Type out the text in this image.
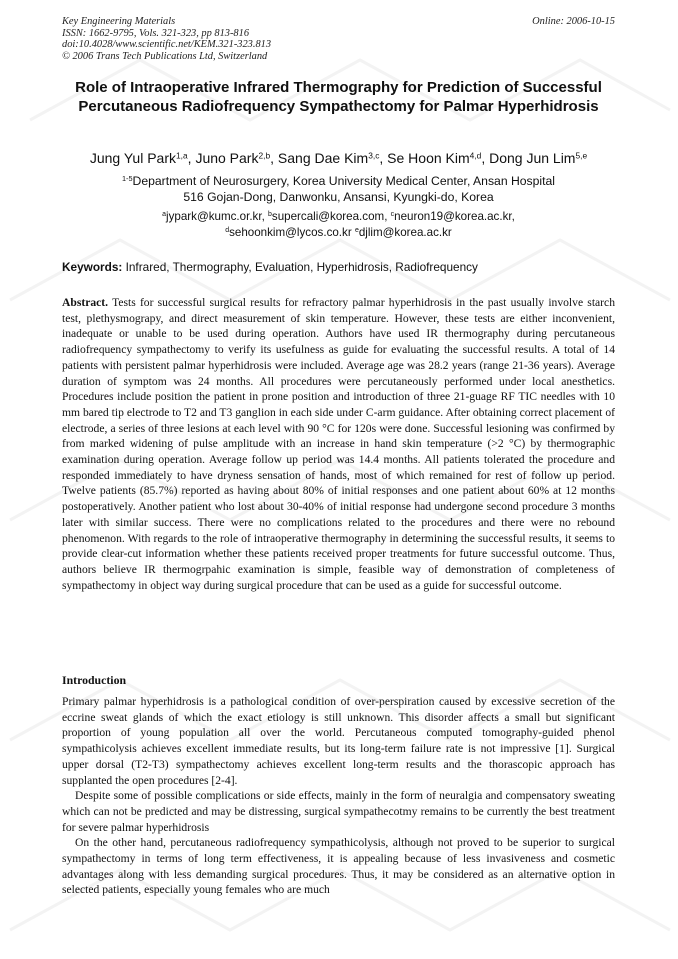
Key Engineering Materials
ISSN: 1662-9795, Vols. 321-323, pp 813-816
doi:10.4028/www.scientific.net/KEM.321-323.813
© 2006 Trans Tech Publications Ltd, Switzerland
Online: 2006-10-15
Role of Intraoperative Infrared Thermography for Prediction of Successful Percutaneous Radiofrequency Sympathectomy for Palmar Hyperhidrosis
Jung Yul Park$^{1,a}$, Juno Park$^{2,b}$, Sang Dae Kim$^{3,c}$, Se Hoon Kim$^{4,d}$, Dong Jun Lim$^{5,e}$
$^{1-5}$Department of Neurosurgery, Korea University Medical Center, Ansan Hospital
516 Gojan-Dong, Danwonku, Ansansi, Kyungki-do, Korea
$^a$jypark@kumc.or.kr, $^b$supercali@korea.com, $^c$neuron19@korea.ac.kr,
$^d$sehoonkim@lycos.co.kr $^e$djlim@korea.ac.kr
Keywords: Infrared, Thermography, Evaluation, Hyperhidrosis, Radiofrequency
Abstract. Tests for successful surgical results for refractory palmar hyperhidrosis in the past usually involve starch test, plethysmograpy, and direct measurement of skin temperature. However, these tests are either inconvenient, inadequate or unable to be used during operation. Authors have used IR thermography during percutaneous radiofrequency sympathectomy to verify its usefulness as guide for evaluating the successful results. A total of 14 patients with persistent palmar hyperhidrosis were included. Average age was 28.2 years (range 21-36 years). Average duration of symptom was 24 months. All procedures were percutaneously performed under local anesthetics. Procedures include position the patient in prone position and introduction of three 21-guage RF TIC needles with 10 mm bared tip electrode to T2 and T3 ganglion in each side under C-arm guidance. After obtaining correct placement of electrode, a series of three lesions at each level with 90 °C for 120s were done. Successful lesioning was confirmed by from marked widening of pulse amplitude with an increase in hand skin temperature (>2 °C) by thermographic examination during operation. Average follow up period was 14.4 months. All patients tolerated the procedure and responded immediately to have dryness sensation of hands, most of which remained for rest of follow up period. Twelve patients (85.7%) reported as having about 80% of initial responses and one patient about 60% at 12 months postoperatively. Another patient who lost about 30-40% of initial response had undergone second procedure 3 months later with similar success. There were no complications related to the procedures and there were no rebound phenomenon. With regards to the role of intraoperative thermography in determining the successful results, it seems to provide clear-cut information whether these patients received proper treatments for future successful outcome. Thus, authors believe IR thermogrpahic examination is simple, feasible way of demonstration of completeness of sympathectomy in object way during surgical procedure that can be used as a guide for successful outcome.
Introduction

Primary palmar hyperhidrosis is a pathological condition of over-perspiration caused by excessive secretion of the eccrine sweat glands of which the exact etiology is still unknown. This disorder affects a small but significant proportion of young population all over the world. Percutaneous computed tomography-guided phenol sympathicolysis achieves excellent immediate results, but its long-term failure rate is not impressive [1]. Surgical upper dorsal (T2-T3) sympathectomy achieves excellent long-term results and the thorascopic approach has supplanted the open procedures [2-4].

Despite some of possible complications or side effects, mainly in the form of neuralgia and compensatory sweating which can not be predicted and may be distressing, surgical sympathecotmy remains to be currently the best treatment for severe palmar hyperhidrosis

On the other hand, percutaneous radiofrequency sympathicolysis, although not proved to be superior to surgical sympathectomy in terms of long term effectiveness, it is appealing because of less invasiveness and cosmetic advantages along with less demanding surgical procedures. Thus, it may be considered as an alternative option in selected patients, especially young females who are much
